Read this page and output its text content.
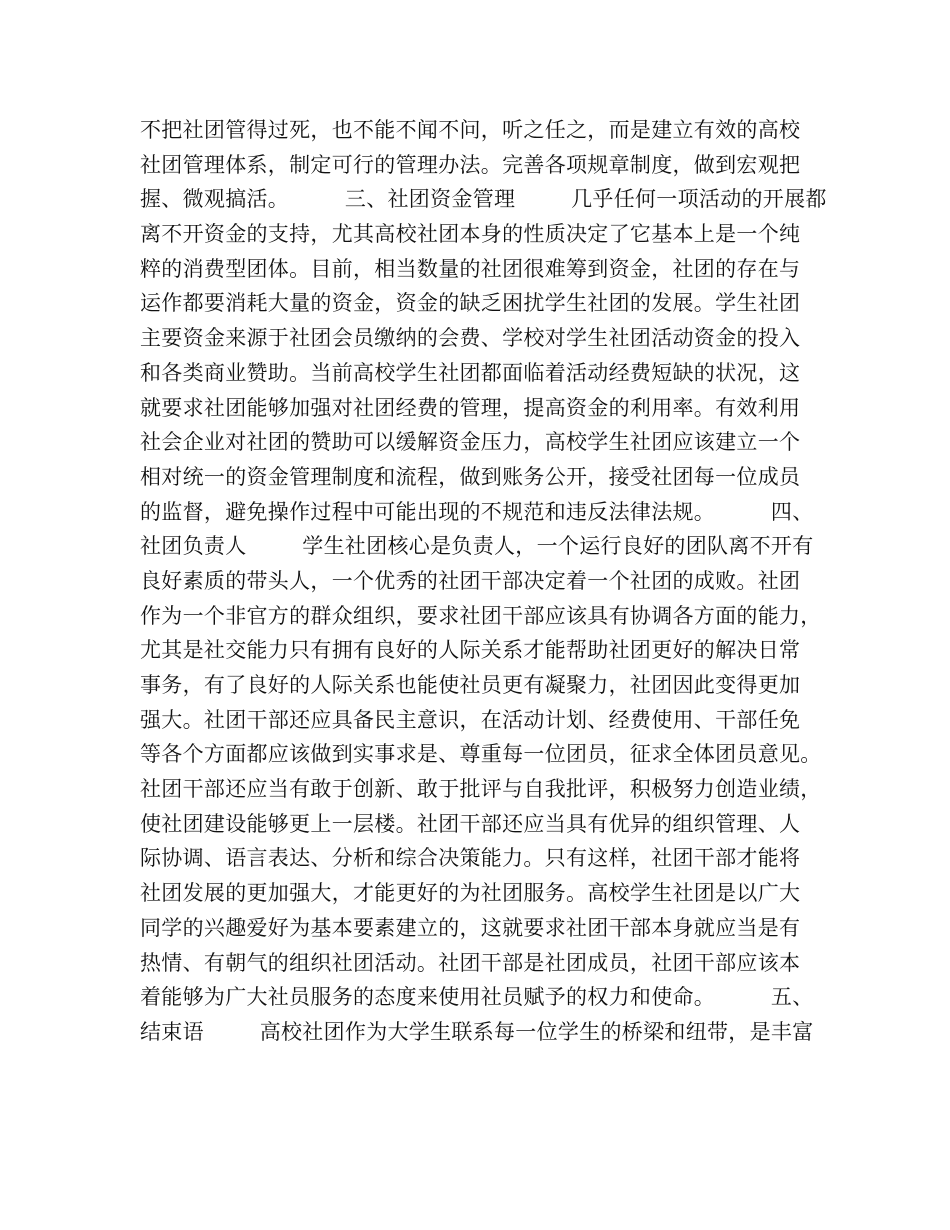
不把社团管得过死，也不能不闻不问，听之任之，而是建立有效的高校
社团管理体系，制定可行的管理办法。完善各项规章制度，做到宏观把
握、微观搞活。        三、社团资金管理        几乎任何一项活动的开展都
离不开资金的支持，尤其高校社团本身的性质决定了它基本上是一个纯
粹的消费型团体。目前，相当数量的社团很难筹到资金，社团的存在与
运作都要消耗大量的资金，资金的缺乏困扰学生社团的发展。学生社团
主要资金来源于社团会员缴纳的会费、学校对学生社团活动资金的投入
和各类商业赞助。当前高校学生社团都面临着活动经费短缺的状况，这
就要求社团能够加强对社团经费的管理，提高资金的利用率。有效利用
社会企业对社团的赞助可以缓解资金压力，高校学生社团应该建立一个
相对统一的资金管理制度和流程，做到账务公开，接受社团每一位成员
的监督，避免操作过程中可能出现的不规范和违反法律法规。        四、
社团负责人        学生社团核心是负责人，一个运行良好的团队离不开有
良好素质的带头人，一个优秀的社团干部决定着一个社团的成败。社团
作为一个非官方的群众组织，要求社团干部应该具有协调各方面的能力，
尤其是社交能力只有拥有良好的人际关系才能帮助社团更好的解决日常
事务，有了良好的人际关系也能使社员更有凝聚力，社团因此变得更加
强大。社团干部还应具备民主意识，在活动计划、经费使用、干部任免
等各个方面都应该做到实事求是、尊重每一位团员，征求全体团员意见。
社团干部还应当有敢于创新、敢于批评与自我批评，积极努力创造业绩，
使社团建设能够更上一层楼。社团干部还应当具有优异的组织管理、人
际协调、语言表达、分析和综合决策能力。只有这样，社团干部才能将
社团发展的更加强大，才能更好的为社团服务。高校学生社团是以广大
同学的兴趣爱好为基本要素建立的，这就要求社团干部本身就应当是有
热情、有朝气的组织社团活动。社团干部是社团成员，社团干部应该本
着能够为广大社员服务的态度来使用社员赋予的权力和使命。        五、
结束语        高校社团作为大学生联系每一位学生的桥梁和纽带，是丰富
